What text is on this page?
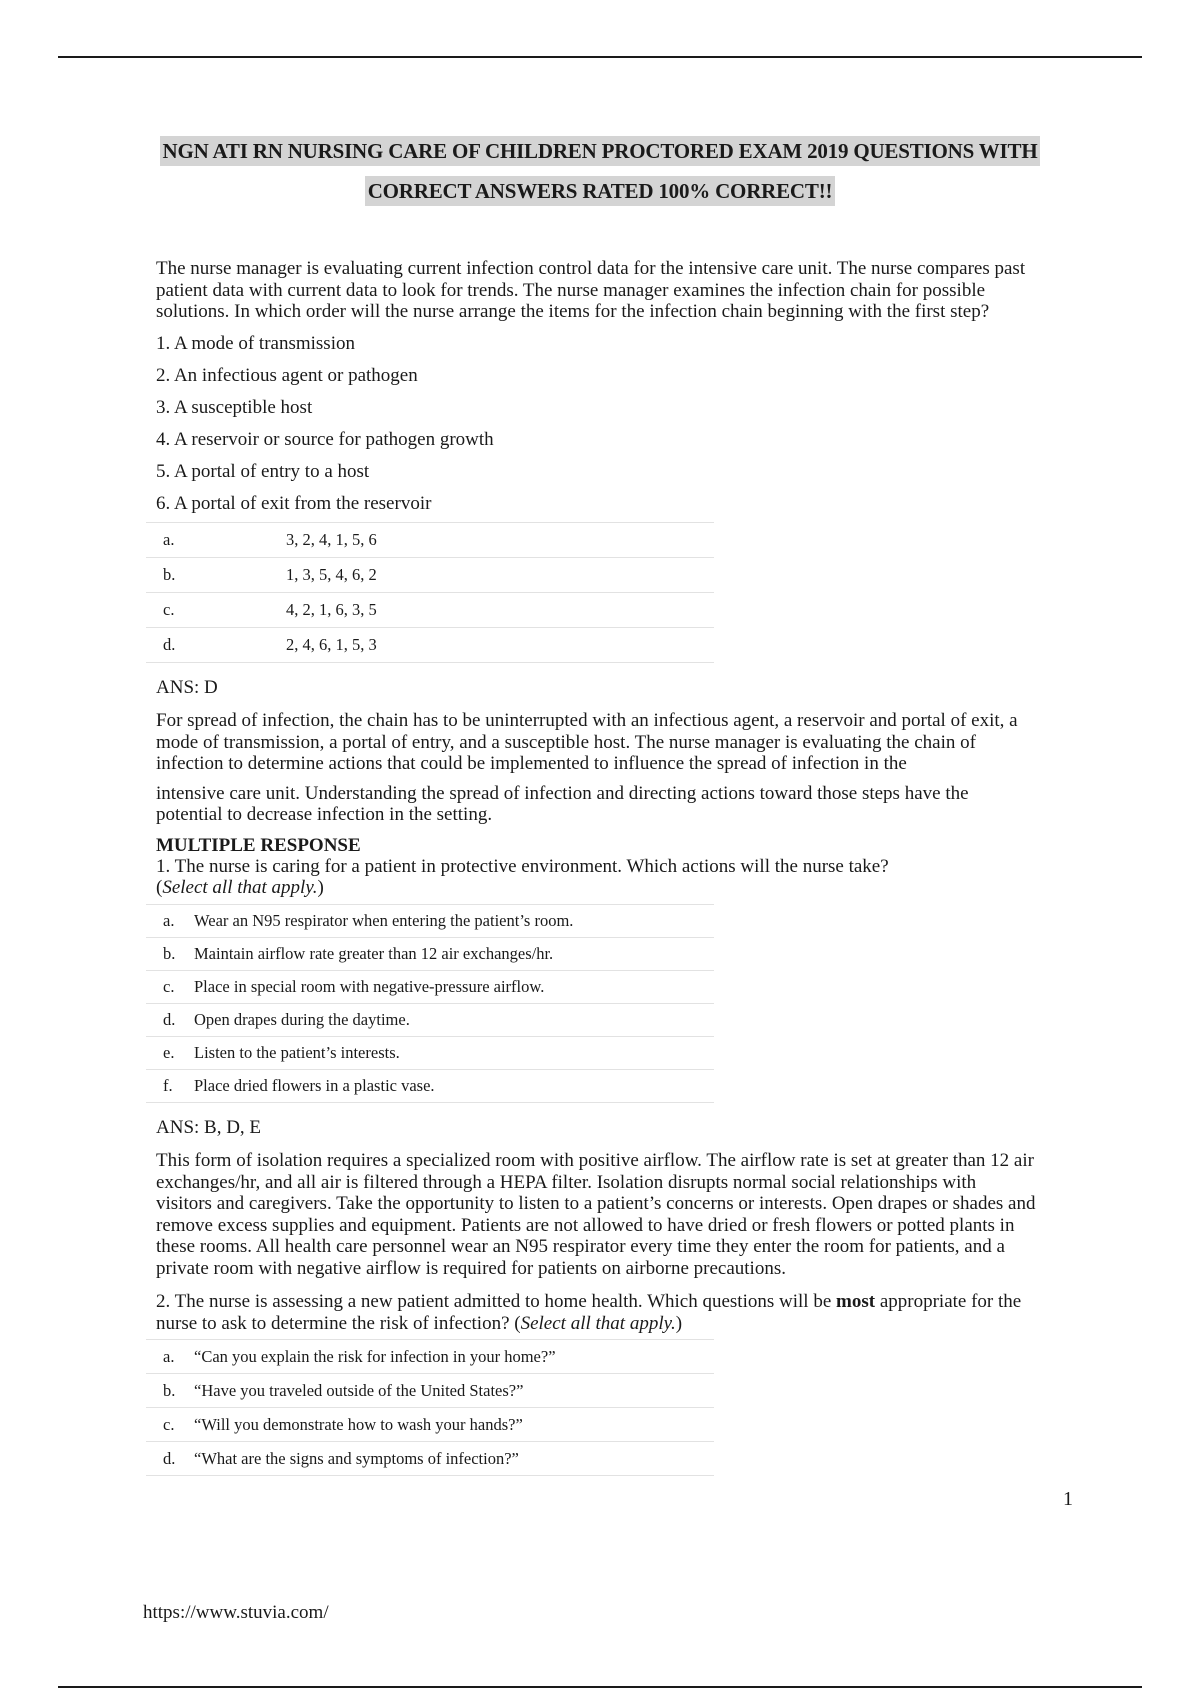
NGN ATI RN NURSING CARE OF CHILDREN PROCTORED EXAM 2019 QUESTIONS WITH
CORRECT ANSWERS RATED 100% CORRECT!!

The nurse manager is evaluating current infection control data for the intensive care unit. The nurse compares past patient data with current data to look for trends. The nurse manager examines the infection chain for possible solutions. In which order will the nurse arrange the items for the infection chain beginning with the first step?

1. A mode of transmission
2. An infectious agent or pathogen
3. A susceptible host
4. A reservoir or source for pathogen growth
5. A portal of entry to a host
6. A portal of exit from the reservoir
a.	3, 2, 4, 1, 5, 6
b.	1, 3, 5, 4, 6, 2
c.	4, 2, 1, 6, 3, 5
d.	2, 4, 6, 1, 5, 3

ANS: D

For spread of infection, the chain has to be uninterrupted with an infectious agent, a reservoir and portal of exit, a mode of transmission, a portal of entry, and a susceptible host. The nurse manager is evaluating the chain of infection to determine actions that could be implemented to influence the spread of infection in the

intensive care unit. Understanding the spread of infection and directing actions toward those steps have the potential to decrease infection in the setting.

MULTIPLE RESPONSE

1. The nurse is caring for a patient in protective environment. Which actions will the nurse take?
(Select all that apply.)

a.	Wear an N95 respirator when entering the patient’s room.
b.	Maintain airflow rate greater than 12 air exchanges/hr.
c.	Place in special room with negative-pressure airflow.
d.	Open drapes during the daytime.
e.	Listen to the patient’s interests.
f.	Place dried flowers in a plastic vase.

ANS: B, D, E

This form of isolation requires a specialized room with positive airflow. The airflow rate is set at greater than 12 air exchanges/hr, and all air is filtered through a HEPA filter. Isolation disrupts normal social relationships with visitors and caregivers. Take the opportunity to listen to a patient’s concerns or interests. Open drapes or shades and remove excess supplies and equipment. Patients are not allowed to have dried or fresh flowers or potted plants in these rooms. All health care personnel wear an N95 respirator every time they enter the room for patients, and a private room with negative airflow is required for patients on airborne precautions.

2. The nurse is assessing a new patient admitted to home health. Which questions will be most appropriate for the nurse to ask to determine the risk of infection? (Select all that apply.)

a.	“Can you explain the risk for infection in your home?”
b.	“Have you traveled outside of the United States?”
c.	“Will you demonstrate how to wash your hands?”
d.	“What are the signs and symptoms of infection?”
1
https://www.stuvia.com/
